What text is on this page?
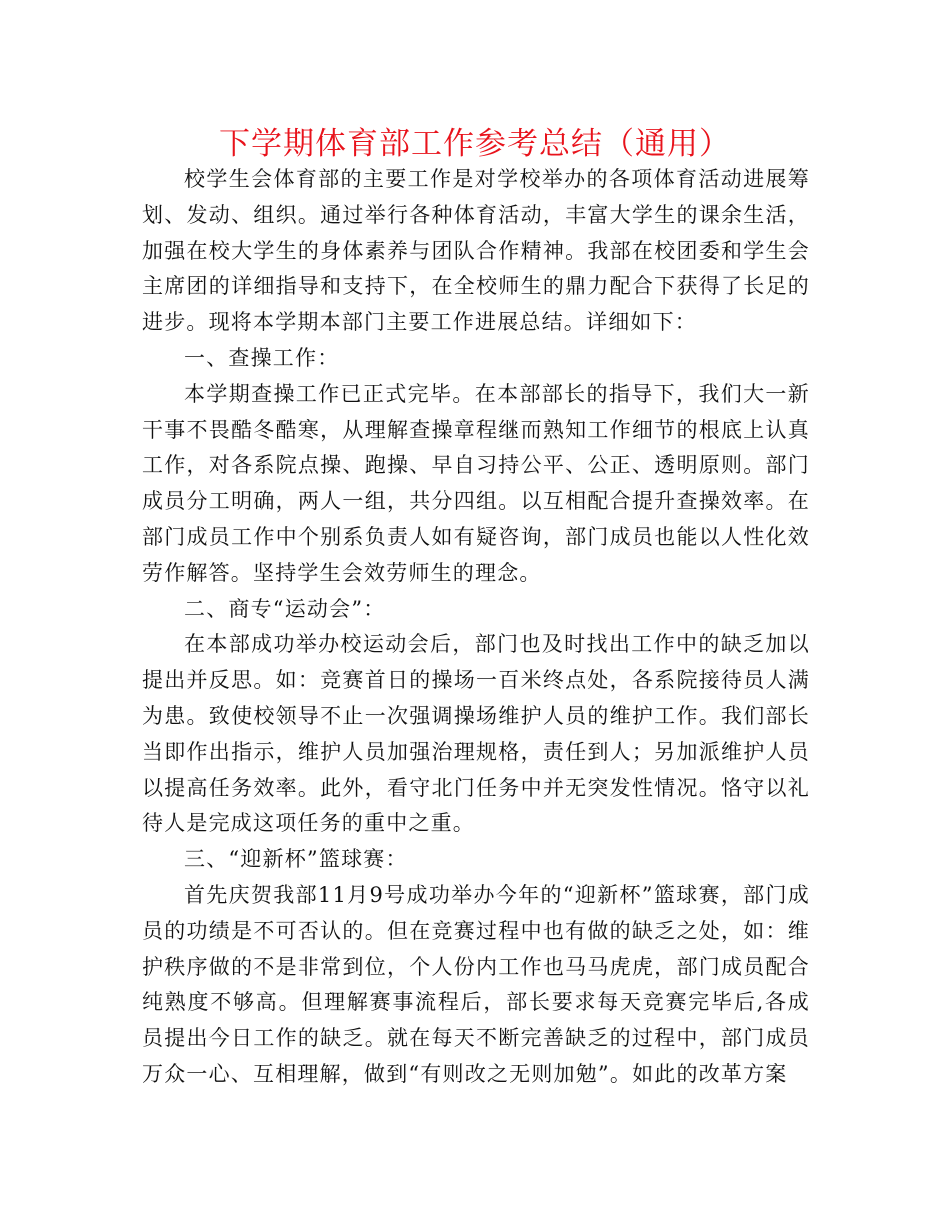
下学期体育部工作参考总结（通用）

校学生会体育部的主要工作是对学校举办的各项体育活动进展筹划、发动、组织。通过举行各种体育活动，丰富大学生的课余生活，加强在校大学生的身体素养与团队合作精神。我部在校团委和学生会主席团的详细指导和支持下，在全校师生的鼎力配合下获得了长足的进步。现将本学期本部门主要工作进展总结。详细如下：

一、查操工作：

本学期查操工作已正式完毕。在本部部长的指导下，我们大一新干事不畏酷冬酷寒，从理解查操章程继而熟知工作细节的根底上认真工作，对各系院点操、跑操、早自习持公平、公正、透明原则。部门成员分工明确，两人一组，共分四组。以互相配合提升查操效率。在部门成员工作中个别系负责人如有疑咨询，部门成员也能以人性化效劳作解答。坚持学生会效劳师生的理念。

二、商专“运动会”：

在本部成功举办校运动会后，部门也及时找出工作中的缺乏加以提出并反思。如：竞赛首日的操场一百米终点处，各系院接待员人满为患。致使校领导不止一次强调操场维护人员的维护工作。我们部长当即作出指示，维护人员加强治理规格，责任到人；另加派维护人员以提高任务效率。此外，看守北门任务中并无突发性情况。恪守以礼待人是完成这项任务的重中之重。

三、“迎新杯”篮球赛：

首先庆贺我部11月9号成功举办今年的“迎新杯”篮球赛，部门成员的功绩是不可否认的。但在竞赛过程中也有做的缺乏之处，如：维护秩序做的不是非常到位，个人份内工作也马马虎虎，部门成员配合纯熟度不够高。但理解赛事流程后，部长要求每天竞赛完毕后,各成员提出今日工作的缺乏。就在每天不断完善缺乏的过程中，部门成员万众一心、互相理解，做到“有则改之无则加勉”。如此的改革方案
